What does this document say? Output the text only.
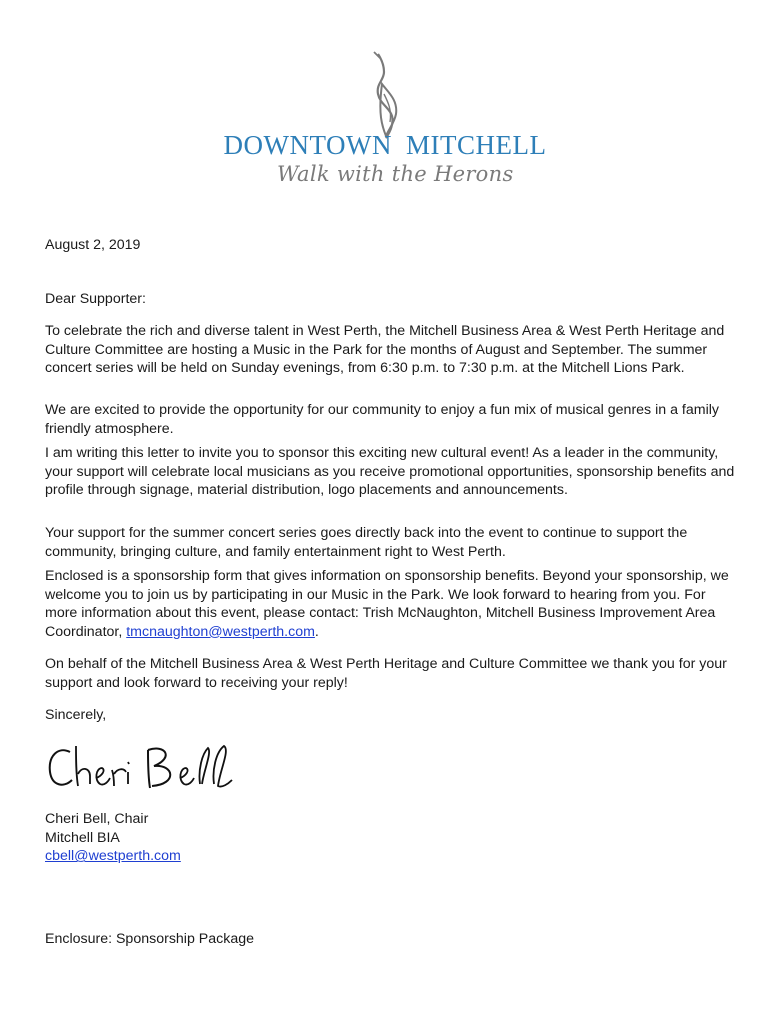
DOWNTOWN MITCHELL
Walk with the Herons
August 2, 2019
Dear Supporter:

To celebrate the rich and diverse talent in West Perth, the Mitchell Business Area & West Perth Heritage and Culture Committee are hosting a Music in the Park for the months of August and September. The summer concert series will be held on Sunday evenings, from 6:30 p.m. to 7:30 p.m. at the Mitchell Lions Park.

We are excited to provide the opportunity for our community to enjoy a fun mix of musical genres in a family friendly atmosphere.

I am writing this letter to invite you to sponsor this exciting new cultural event! As a leader in the community, your support will celebrate local musicians as you receive promotional opportunities, sponsorship benefits and profile through signage, material distribution, logo placements and announcements.

Your support for the summer concert series goes directly back into the event to continue to support the community, bringing culture, and family entertainment right to West Perth.

Enclosed is a sponsorship form that gives information on sponsorship benefits. Beyond your sponsorship, we welcome you to join us by participating in our Music in the Park. We look forward to hearing from you. For more information about this event, please contact: Trish McNaughton, Mitchell Business Improvement Area Coordinator, tmcnaughton@westperth.com.

On behalf of the Mitchell Business Area & West Perth Heritage and Culture Committee we thank you for your support and look forward to receiving your reply!

Sincerely,
Cheri Bell, Chair
Mitchell BIA
cbell@westperth.com
Enclosure: Sponsorship Package
